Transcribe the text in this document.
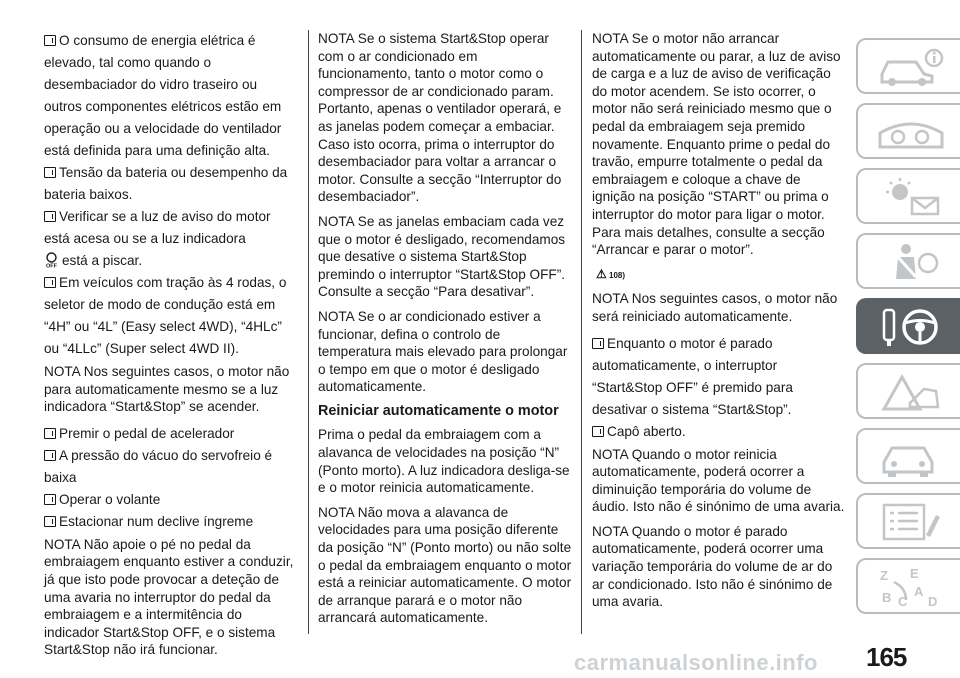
O consumo de energia elétrica é elevado, tal como quando o desembaciador do vidro traseiro ou outros componentes elétricos estão em operação ou a velocidade do ventilador está definida para uma definição alta.

Tensão da bateria ou desempenho da bateria baixos.

Verificar se a luz de aviso do motor está acesa ou se a luz indicadora

OFF está a piscar.

Em veículos com tração às 4 rodas, o seletor de modo de condução está em “4H” ou “4L” (Easy select 4WD), “4HLc” ou “4LLc” (Super select 4WD II).

NOTA Nos seguintes casos, o motor não para automaticamente mesmo se a luz indicadora “Start&Stop” se acender.

Premir o pedal de acelerador

A pressão do vácuo do servofreio é baixa

Operar o volante

Estacionar num declive íngreme

NOTA Não apoie o pé no pedal da embraiagem enquanto estiver a conduzir, já que isto pode provocar a deteção de uma avaria no interruptor do pedal da embraiagem e a intermitência do indicador Start&Stop OFF, e o sistema Start&Stop não irá funcionar.

NOTA Se o sistema Start&Stop operar com o ar condicionado em funcionamento, tanto o motor como o compressor de ar condicionado param. Portanto, apenas o ventilador operará, e as janelas podem começar a embaciar. Caso isto ocorra, prima o interruptor do desembaciador para voltar a arrancar o motor. Consulte a secção “Interruptor do desembaciador”.

NOTA Se as janelas embaciam cada vez que o motor é desligado, recomendamos que desative o sistema Start&Stop premindo o interruptor “Start&Stop OFF”. Consulte a secção “Para desativar”.

NOTA Se o ar condicionado estiver a funcionar, defina o controlo de temperatura mais elevado para prolongar o tempo em que o motor é desligado automaticamente.

Reiniciar automaticamente o motor

Prima o pedal da embraiagem com a alavanca de velocidades na posição “N” (Ponto morto). A luz indicadora desliga-se e o motor reinicia automaticamente.

NOTA Não mova a alavanca de velocidades para uma posição diferente da posição “N” (Ponto morto) ou não solte o pedal da embraiagem enquanto o motor está a reiniciar automaticamente. O motor de arranque parará e o motor não arrancará automaticamente.

NOTA Se o motor não arrancar automaticamente ou parar, a luz de aviso de carga e a luz de aviso de verificação do motor acendem. Se isto ocorrer, o motor não será reiniciado mesmo que o pedal da embraiagem seja premido novamente. Enquanto prime o pedal do travão, empurre totalmente o pedal da embraiagem e coloque a chave de ignição na posição “START” ou prima o interruptor do motor para ligar o motor. Para mais detalhes, consulte a secção “Arrancar e parar o motor”.

⚠ 108)

NOTA Nos seguintes casos, o motor não será reiniciado automaticamente.

Enquanto o motor é parado automaticamente, o interruptor “Start&Stop OFF” é premido para desativar o sistema “Start&Stop”.

Capô aberto.

NOTA Quando o motor reinicia automaticamente, poderá ocorrer a diminuição temporária do volume de áudio. Isto não é sinónimo de uma avaria.

NOTA Quando o motor é parado automaticamente, poderá ocorrer uma variação temporária do volume de ar do ar condicionado. Isto não é sinónimo de uma avaria.

Z E
B C
A
D
carmanualsonline.info 165
